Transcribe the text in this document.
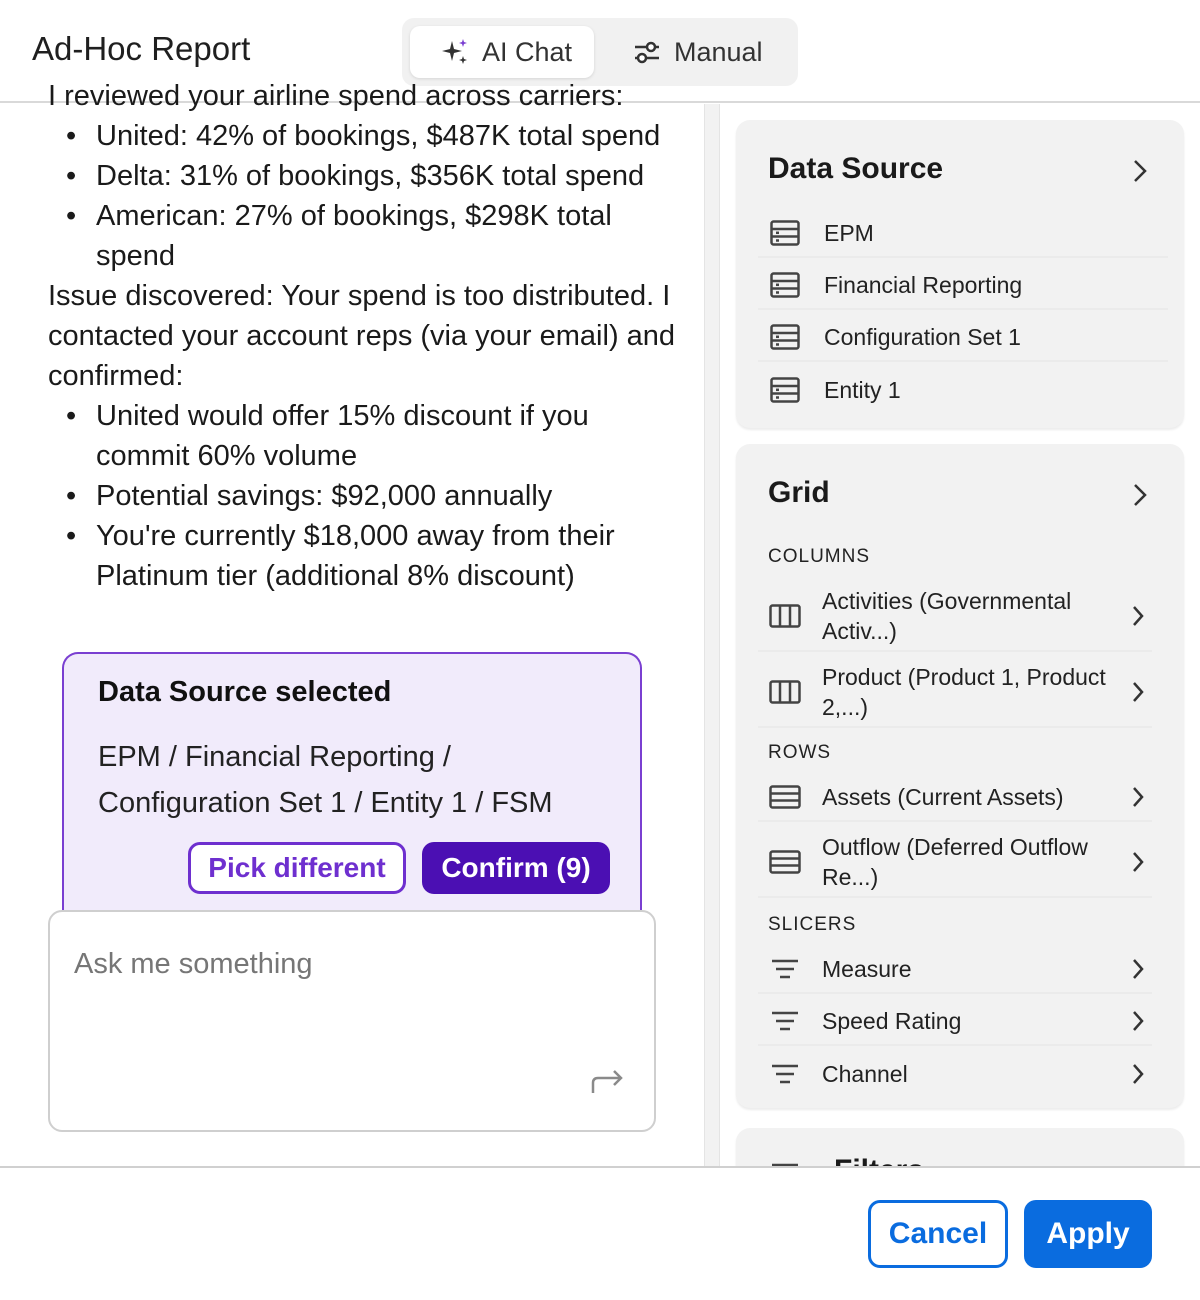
Ad-Hoc Report	AI Chat	Manual

I reviewed your airline spend across carriers:

• United: 42% of bookings, $487K total spend
• Delta: 31% of bookings, $356K total spend
• American: 27% of bookings, $298K total spend

Issue discovered: Your spend is too distributed. I contacted your account reps (via your email) and confirmed:

• United would offer 15% discount if you commit 60% volume
• Potential savings: $92,000 annually
• You're currently $18,000 away from their Platinum tier (additional 8% discount)
Data Source selected
EPM / Financial Reporting / Configuration Set 1 / Entity 1 / FSM
Pick different	Confirm (9)
Ask me something
Data Source
EPM
Financial Reporting
Configuration Set 1
Entity 1
Grid
COLUMNS
Activities (Governmental Activ...)
Product (Product 1, Product 2,...)
ROWS
Assets (Current Assets)
Outflow (Deferred Outflow Re...)
SLICERS
Measure
Speed Rating
Channel
Cancel	Apply
